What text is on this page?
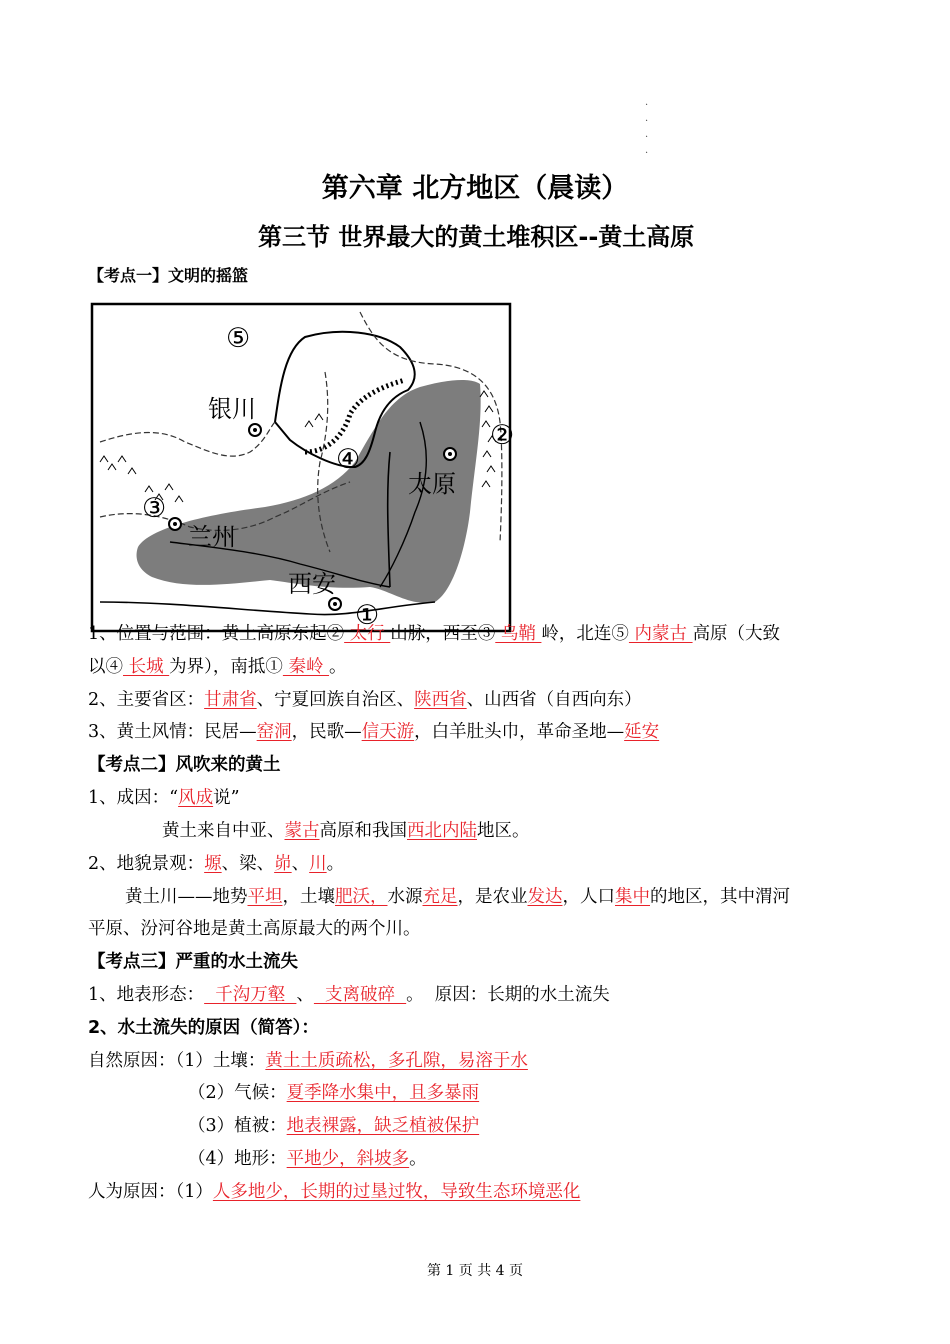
·
·
·
·
第六章 北方地区（晨读）
第三节 世界最大的黄土堆积区--黄土高原
【考点一】文明的摇篮
银川
太原
兰州
西安
①
②
③
④
⑤
1、位置与范围：黄土高原东起② 太行 山脉，西至③ 乌鞘 岭，北连⑤ 内蒙古 高原（大致
以④ 长城 为界），南抵① 秦岭 。
2、主要省区：甘肃省、宁夏回族自治区、陕西省、山西省（自西向东）
3、黄土风情：民居—窑洞，民歌—信天游，白羊肚头巾，革命圣地—延安
【考点二】风吹来的黄土
1、成因：“风成说”
黄土来自中亚、蒙古高原和我国西北内陆地区。
2、地貌景观：塬、梁、峁、川。
黄土川——地势平坦，土壤肥沃，水源充足，是农业发达，人口集中的地区，其中渭河
平原、汾河谷地是黄土高原最大的两个川。
【考点三】严重的水土流失
1、地表形态：  千沟万壑  、  支离破碎  。  原因：长期的水土流失
2、水土流失的原因（简答）：
自然原因：（1）土壤：黄土土质疏松，多孔隙，易溶于水
（2）气候：夏季降水集中，且多暴雨
（3）植被：地表裸露，缺乏植被保护
（4）地形：平地少，斜坡多。
人为原因：（1）人多地少，长期的过垦过牧，导致生态环境恶化
第 1 页 共 4 页
